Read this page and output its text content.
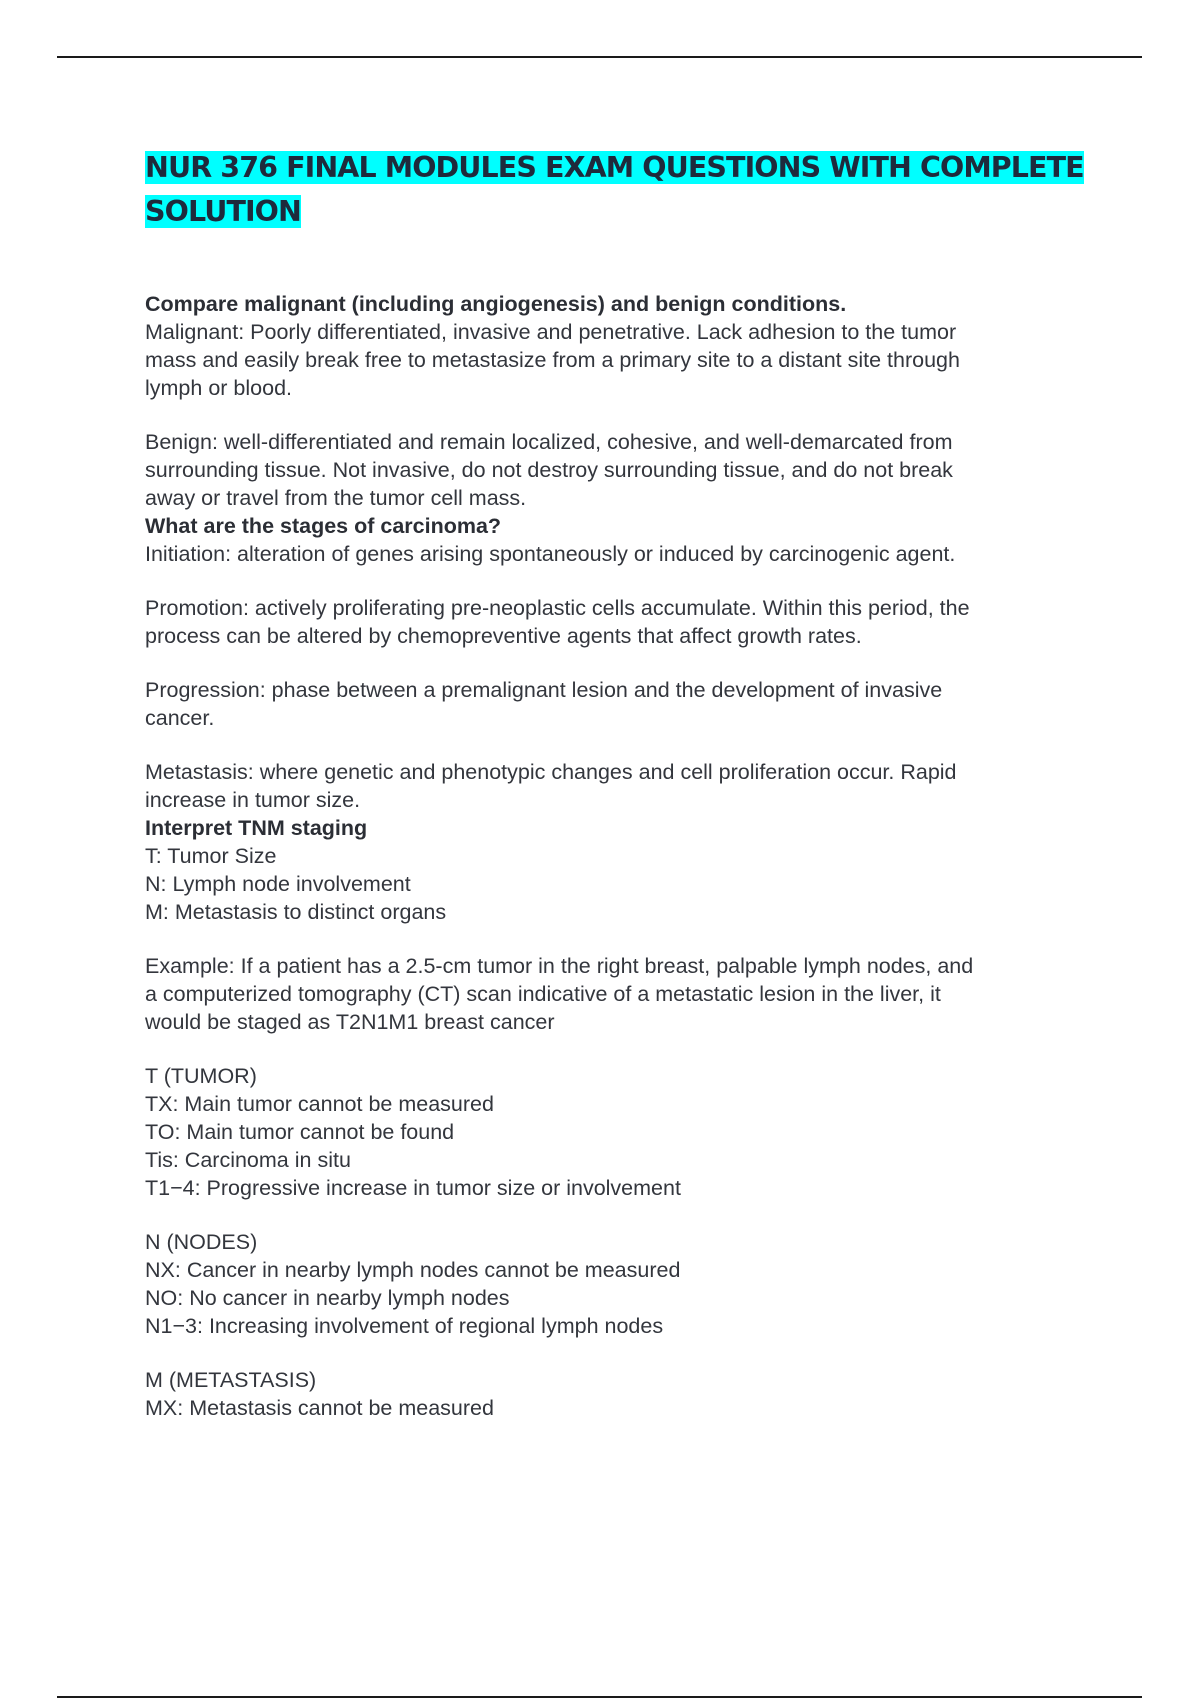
NUR 376 FINAL MODULES EXAM QUESTIONS WITH COMPLETE
SOLUTION
Compare malignant (including angiogenesis) and benign conditions.
Malignant: Poorly differentiated, invasive and penetrative. Lack adhesion to the tumor
mass and easily break free to metastasize from a primary site to a distant site through
lymph or blood.
Benign: well-differentiated and remain localized, cohesive, and well-demarcated from
surrounding tissue. Not invasive, do not destroy surrounding tissue, and do not break
away or travel from the tumor cell mass.
What are the stages of carcinoma?
Initiation: alteration of genes arising spontaneously or induced by carcinogenic agent.
Promotion: actively proliferating pre-neoplastic cells accumulate. Within this period, the
process can be altered by chemopreventive agents that affect growth rates.
Progression: phase between a premalignant lesion and the development of invasive
cancer.
Metastasis: where genetic and phenotypic changes and cell proliferation occur. Rapid
increase in tumor size.
Interpret TNM staging
T: Tumor Size
N: Lymph node involvement
M: Metastasis to distinct organs
Example: If a patient has a 2.5-cm tumor in the right breast, palpable lymph nodes, and
a computerized tomography (CT) scan indicative of a metastatic lesion in the liver, it
would be staged as T2N1M1 breast cancer
T (TUMOR)
TX: Main tumor cannot be measured
TO: Main tumor cannot be found
Tis: Carcinoma in situ
T1−4: Progressive increase in tumor size or involvement
N (NODES)
NX: Cancer in nearby lymph nodes cannot be measured
NO: No cancer in nearby lymph nodes
N1−3: Increasing involvement of regional lymph nodes
M (METASTASIS)
MX: Metastasis cannot be measured
